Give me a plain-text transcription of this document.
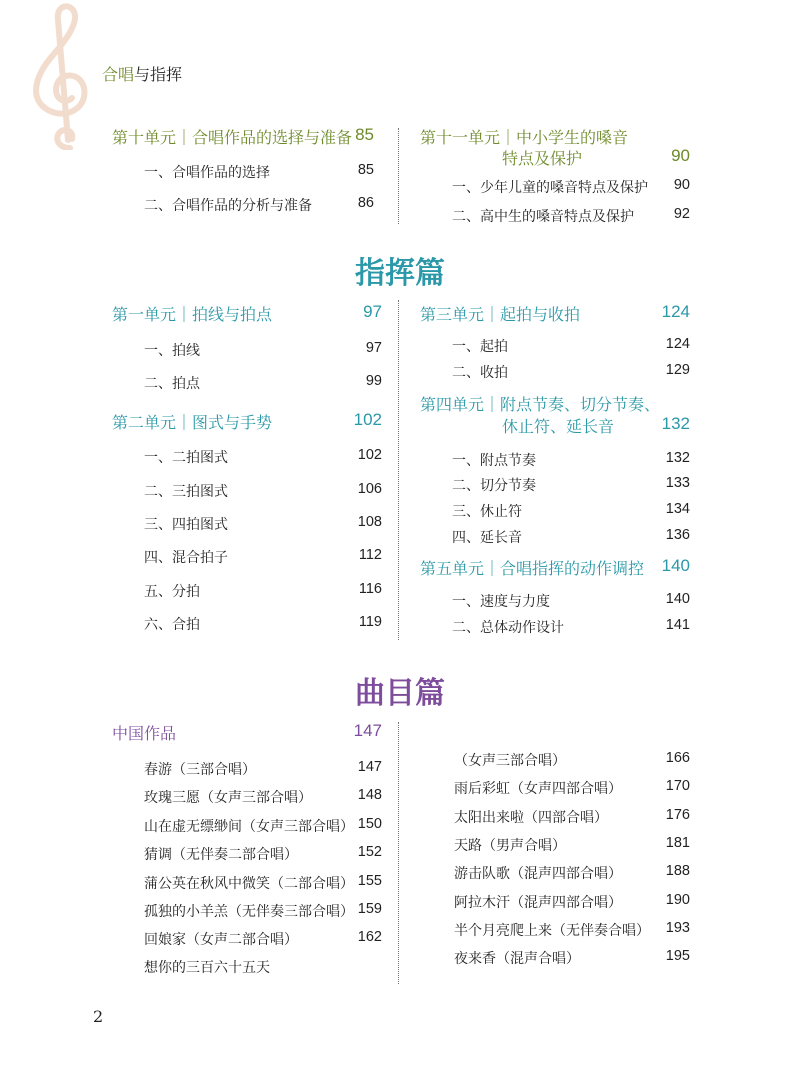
合唱与指挥
第十单元｜合唱作品的选择与准备 85
一、合唱作品的选择	85
二、合唱作品的分析与准备	86
第十一单元｜中小学生的嗓音
特点及保护	90
一、少年儿童的嗓音特点及保护 90
二、高中生的嗓音特点及保护	92
指挥篇
第一单元｜拍线与拍点	97
一、拍线	97
二、拍点	99
第二单元｜图式与手势	102
一、二拍图式	102
二、三拍图式	106
三、四拍图式	108
四、混合拍子	112
五、分拍	116
六、合拍	119
第三单元｜起拍与收拍	124
一、起拍	124
二、收拍	129
第四单元｜附点节奏、切分节奏、
休止符、延长音	132
一、附点节奏	132
二、切分节奏	133
三、休止符	134
四、延长音	136
第五单元｜合唱指挥的动作调控 140
一、速度与力度	140
二、总体动作设计	141
曲目篇
中国作品	147
春游（三部合唱）	147
玫瑰三愿（女声三部合唱）	148
山在虚无缥缈间（女声三部合唱） 150
猜调（无伴奏二部合唱）	152
蒲公英在秋风中微笑（二部合唱） 155
孤独的小羊羔（无伴奏三部合唱） 159
回娘家（女声二部合唱）	162
想你的三百六十五天
（女声三部合唱）	166
雨后彩虹（女声四部合唱）	170
太阳出来啦（四部合唱）	176
天路（男声合唱）	181
游击队歌（混声四部合唱）	188
阿拉木汗（混声四部合唱）	190
半个月亮爬上来（无伴奏合唱） 193
夜来香（混声合唱）	195
2
